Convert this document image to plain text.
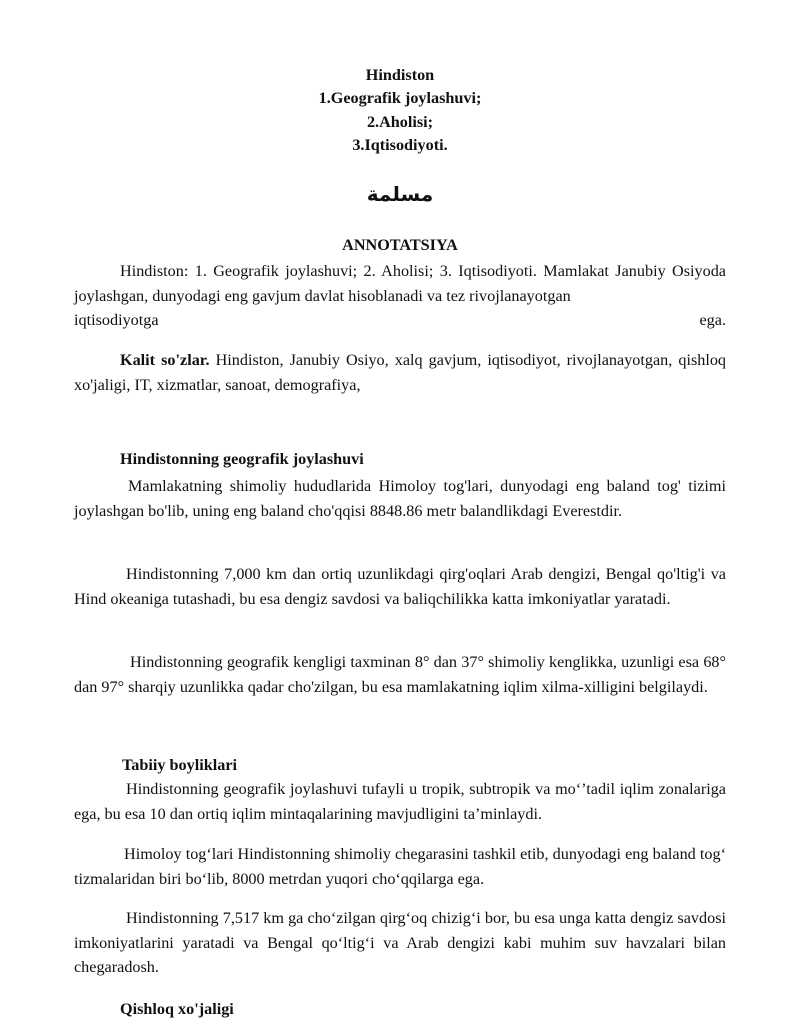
Hindiston
1.Geografik joylashuvi;
2.Aholisi;
3.Iqtisodiyoti.
مسلمة
ANNOTATSIYA
Hindiston: 1. Geografik joylashuvi; 2. Aholisi; 3. Iqtisodiyoti. Mamlakat Janubiy Osiyoda joylashgan, dunyodagi eng gavjum davlat hisoblanadi va tez rivojlanayotgan
iqtisodiyotga ega.
Kalit so'zlar. Hindiston, Janubiy Osiyo, xalq gavjum, iqtisodiyot, rivojlanayotgan, qishloq xo'jaligi, IT, xizmatlar, sanoat, demografiya,
Hindistonning geografik joylashuvi
Mamlakatning shimoliy hududlarida Himoloy tog'lari, dunyodagi eng baland tog' tizimi joylashgan bo'lib, uning eng baland cho'qqisi 8848.86 metr balandlikdagi Everestdir.
Hindistonning 7,000 km dan ortiq uzunlikdagi qirg'oqlari Arab dengizi, Bengal qo'ltig'i va Hind okeaniga tutashadi, bu esa dengiz savdosi va baliqchilikka katta imkoniyatlar yaratadi.
Hindistonning geografik kengligi taxminan 8° dan 37° shimoliy kenglikka, uzunligi esa 68° dan 97° sharqiy uzunlikka qadar cho'zilgan, bu esa mamlakatning iqlim xilma-xilligini belgilaydi.
Tabiiy boyliklari
Hindistonning geografik joylashuvi tufayli u tropik, subtropik va mo‘’tadil iqlim zonalariga ega, bu esa 10 dan ortiq iqlim mintaqalarining mavjudligini ta’minlaydi.
Himoloy tog‘lari Hindistonning shimoliy chegarasini tashkil etib, dunyodagi eng baland tog‘ tizmalaridan biri bo‘lib, 8000 metrdan yuqori cho‘qqilarga ega.
Hindistonning 7,517 km ga cho‘zilgan qirg‘oq chizig‘i bor, bu esa unga katta dengiz savdosi imkoniyatlarini yaratadi va Bengal qo‘ltig‘i va Arab dengizi kabi muhim suv havzalari bilan chegaradosh.
Qishloq xo'jaligi
